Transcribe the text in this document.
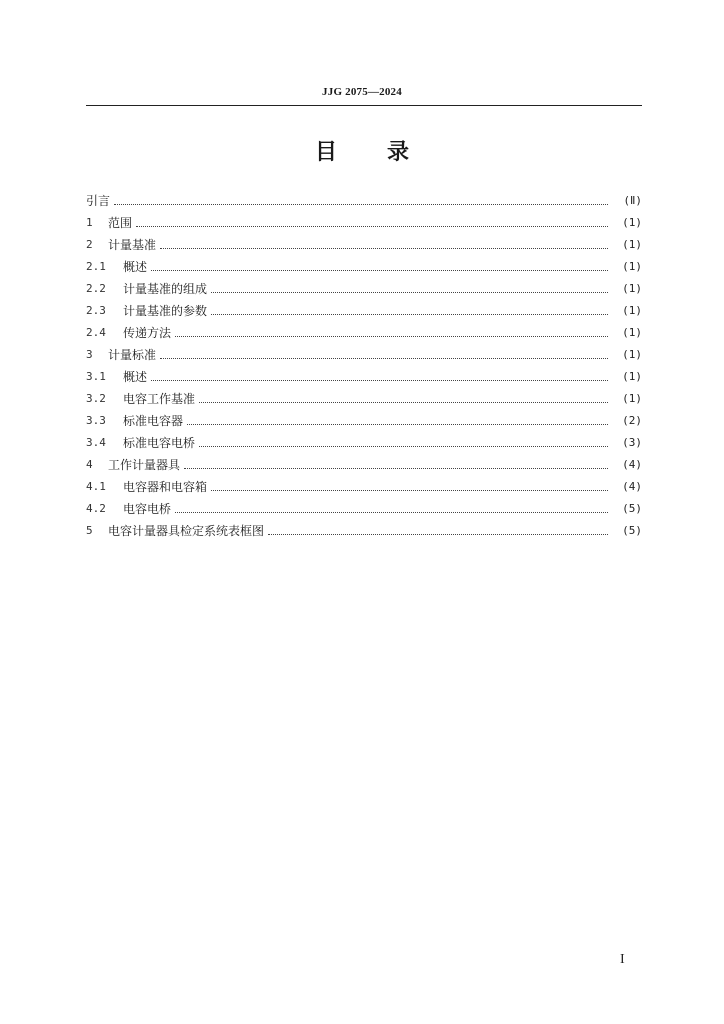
JJG 2075—2024
目 录
引言	(Ⅱ)
1	范围	(1)
2	计量基准	(1)
2.1	概述	(1)
2.2	计量基准的组成	(1)
2.3	计量基准的参数	(1)
2.4	传递方法	(1)
3	计量标准	(1)
3.1	概述	(1)
3.2	电容工作基准	(1)
3.3	标准电容器	(2)
3.4	标准电容电桥	(3)
4	工作计量器具	(4)
4.1	电容器和电容箱	(4)
4.2	电容电桥	(5)
5	电容计量器具检定系统表框图	(5)
I
